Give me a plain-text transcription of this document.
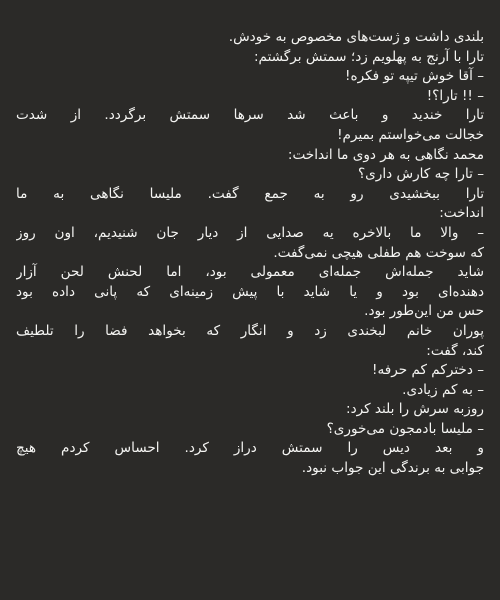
بلندی داشت و ژست‌های مخصوص به خودش.
تارا با آرنج به پهلویم زد؛ سمتش برگشتم:
– آقا خوش تیپه تو فکره!
– !! تارا؟!
تارا خندید و باعث شد سرها سمتش برگردد. از شدت
خجالت می‌خواستم بمیرم!
محمد نگاهی به هر دوی ما انداخت:
– تارا چه کارش داری؟
تارا ببخشیدی رو به جمع گفت. ملیسا نگاهی به ما
انداخت:
– والا ما بالاخره یه صدایی از دیار جان شنیدیم، اون روز
که سوخت هم طفلی هیچی نمی‌گفت.
شاید جمله‌اش جمله‌ای معمولی بود، اما لحنش لحن آزار
دهنده‌ای بود و یا شاید با پیش زمینه‌ای که پانی داده بود
حس من این‌طور بود.
پوران خانم لبخندی زد و انگار که بخواهد فضا را تلطیف
کند، گفت:
– دخترکم کم حرفه!
– به کم زیادی.
روزبه سرش را بلند کرد:
– ملیسا بادمجون می‌خوری؟
و بعد دیس را سمتش دراز کرد. احساس کردم هیچ
جوابی به برندگی این جواب نبود.
